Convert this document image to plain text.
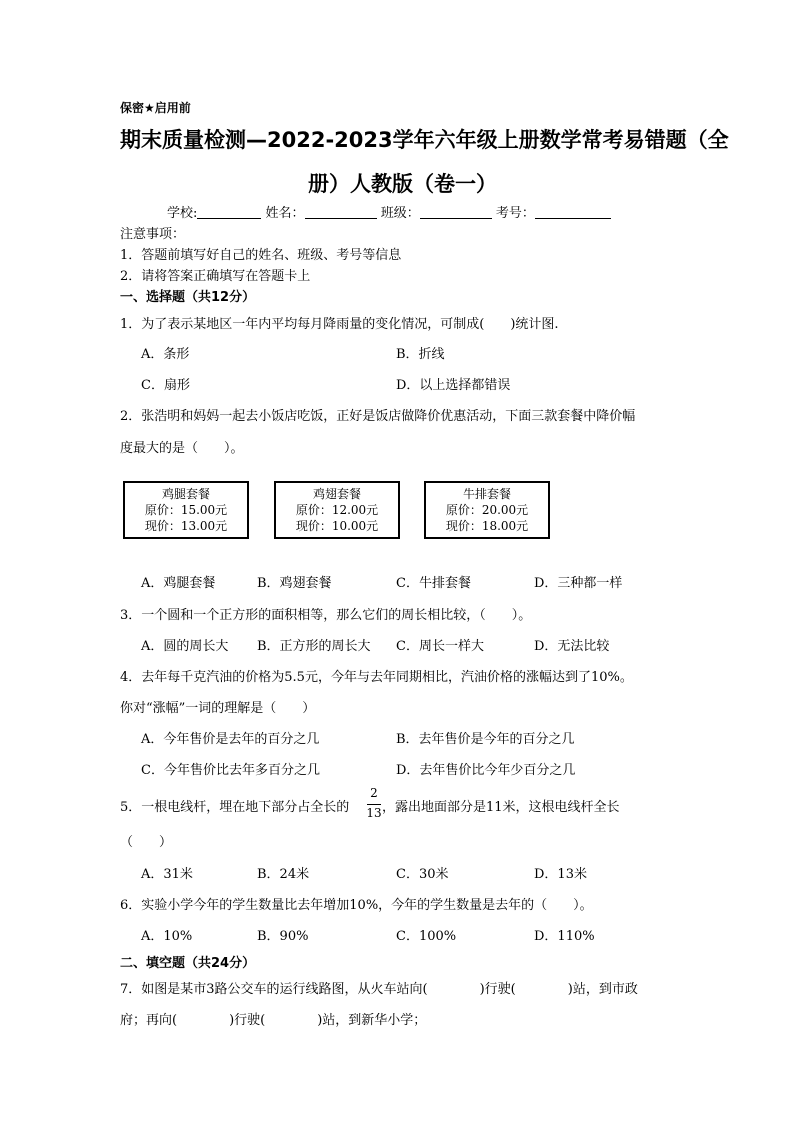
保密★启用前
期末质量检测—2022-2023学年六年级上册数学常考易错题（全
册）人教版（卷一）
学校:	姓名：	班级：	考号：
注意事项：
1．答题前填写好自己的姓名、班级、考号等信息
2．请将答案正确填写在答题卡上
一、选择题（共12分）
1．为了表示某地区一年内平均每月降雨量的变化情况，可制成(　　)统计图.
A．条形	B．折线
C．扇形	D．以上选择都错误
2．张浩明和妈妈一起去小饭店吃饭，正好是饭店做降价优惠活动，下面三款套餐中降价幅
度最大的是（　　）。
鸡腿套餐
原价：15.00元
现价：13.00元
鸡翅套餐
原价：12.00元
现价：10.00元
牛排套餐
原价：20.00元
现价：18.00元
A．鸡腿套餐	B．鸡翅套餐	C．牛排套餐	D．三种都一样
3．一个圆和一个正方形的面积相等，那么它们的周长相比较，（　　）。
A．圆的周长大 B．正方形的周长大 C．周长一样大	D．无法比较
4．去年每千克汽油的价格为5.5元，今年与去年同期相比，汽油价格的涨幅达到了10%。
你对“涨幅”一词的理解是（　　）
A．今年售价是去年的百分之几	B．去年售价是今年的百分之几
C．今年售价比去年多百分之几	D．去年售价比今年少百分之几
5．一根电线杆，埋在地下部分占全长的
2
13 ，露出地面部分是11米，这根电线杆全长
（　　）
A．31米	B．24米	C．30米	D．13米
6．实验小学今年的学生数量比去年增加10%，今年的学生数量是去年的（　　）。
A．10%	B．90%	C．100%	D．110%
二、填空题（共24分）
7．如图是某市3路公交车的运行线路图，从火车站向(　　　　)行驶(　　　　)站，到市政
府；再向(　　　　)行驶(　　　　)站，到新华小学；
